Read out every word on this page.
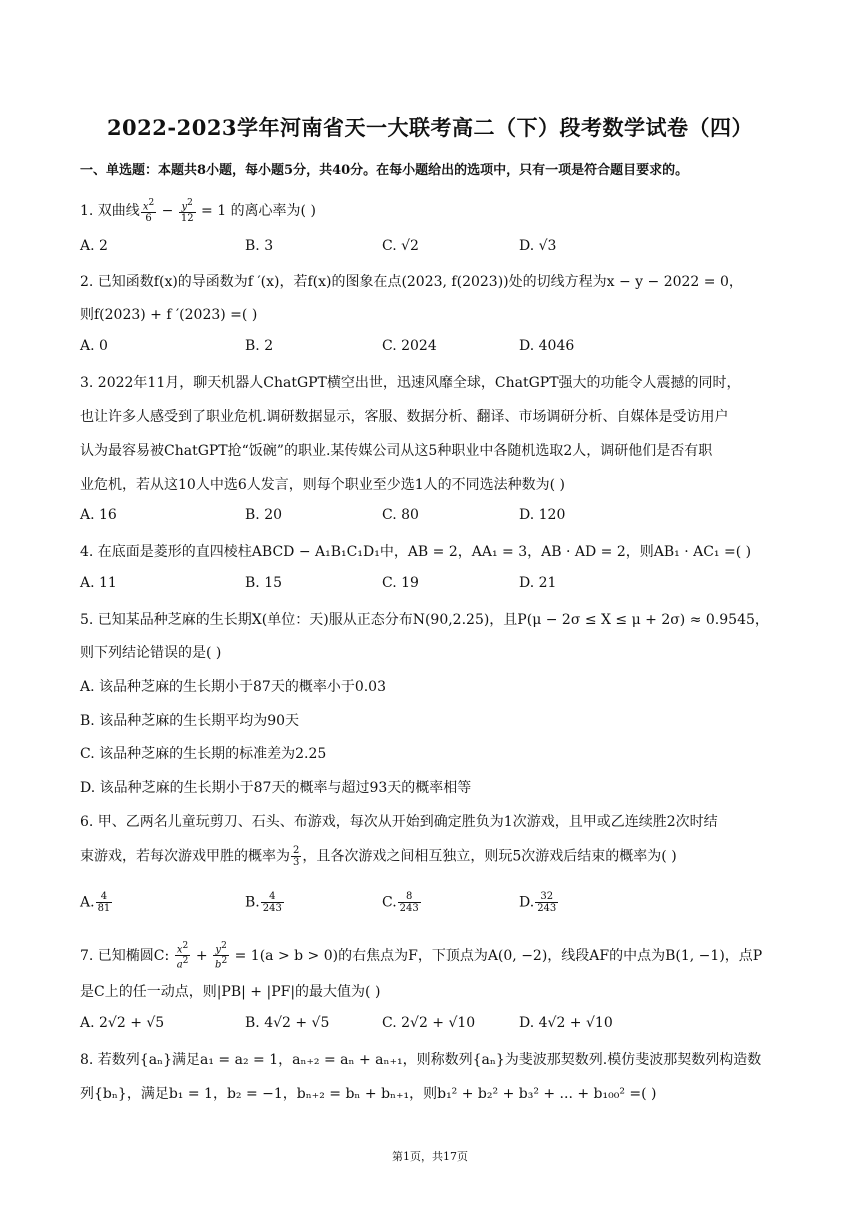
2022-2023学年河南省天一大联考高二（下）段考数学试卷（四）
一、单选题：本题共8小题，每小题5分，共40分。在每小题给出的选项中，只有一项是符合题目要求的。
1. 双曲线 $\frac{x^2}{6} - \frac{y^2}{12} = 1$ 的离心率为( )
A. 2	B. 3	C. √2	D. √3
2. 已知函数f(x)的导函数为f ′(x)，若f(x)的图象在点(2023, f(2023))处的切线方程为x − y − 2022 = 0，
则f(2023) + f ′(2023) =( )
A. 0	B. 2	C. 2024	D. 4046
3. 2022年11月，聊天机器人ChatGPT横空出世，迅速风靡全球，ChatGPT强大的功能令人震撼的同时，
也让许多人感受到了职业危机.调研数据显示，客服、数据分析、翻译、市场调研分析、自媒体是受访用户
认为最容易被ChatGPT抢“饭碗”的职业.某传媒公司从这5种职业中各随机选取2人，调研他们是否有职
业危机，若从这10人中选6人发言，则每个职业至少选1人的不同选法种数为( )
A. 16	B. 20	C. 80	D. 120
4. 在底面是菱形的直四棱柱ABCD − A₁B₁C₁D₁中，AB = 2，AA₁ = 3，AB · AD = 2，则AB₁ · AC₁ =( )
A. 11	B. 15	C. 19	D. 21
5. 已知某品种芝麻的生长期X(单位：天)服从正态分布N(90,2.25)，且P(μ − 2σ ≤ X ≤ μ + 2σ) ≈ 0.9545，
则下列结论错误的是( )
A. 该品种芝麻的生长期小于87天的概率小于0.03
B. 该品种芝麻的生长期平均为90天
C. 该品种芝麻的生长期的标准差为2.25
D. 该品种芝麻的生长期小于87天的概率与超过93天的概率相等
6. 甲、乙两名儿童玩剪刀、石头、布游戏，每次从开始到确定胜负为1次游戏，且甲或乙连续胜2次时结
束游戏，若每次游戏甲胜的概率为 $\frac{2}{3}$ ，且各次游戏之间相互独立，则玩5次游戏后结束的概率为( )
A. $\frac{4}{81}$	B. $\frac{4}{243}$	C. $\frac{8}{243}$	D. $\frac{32}{243}$
7. 已知椭圆C: $\frac{x^2}{a^2} + \frac{y^2}{b^2} = 1(a > b > 0)$的右焦点为F，下顶点为A(0, −2)，线段AF的中点为B(1, −1)，点P
是C上的任一动点，则|PB| + |PF|的最大值为( )
A. 2√2 + √5	B. 4√2 + √5	C. 2√2 + √10	D. 4√2 + √10
8. 若数列{aₙ}满足a₁ = a₂ = 1，aₙ₊₂ = aₙ + aₙ₊₁，则称数列{aₙ}为斐波那契数列.模仿斐波那契数列构造数
列{bₙ}，满足b₁ = 1，b₂ = −1，bₙ₊₂ = bₙ + bₙ₊₁，则b₁² + b₂² + b₃² + ... + b₁₀₀² =( )
第1页，共17页
